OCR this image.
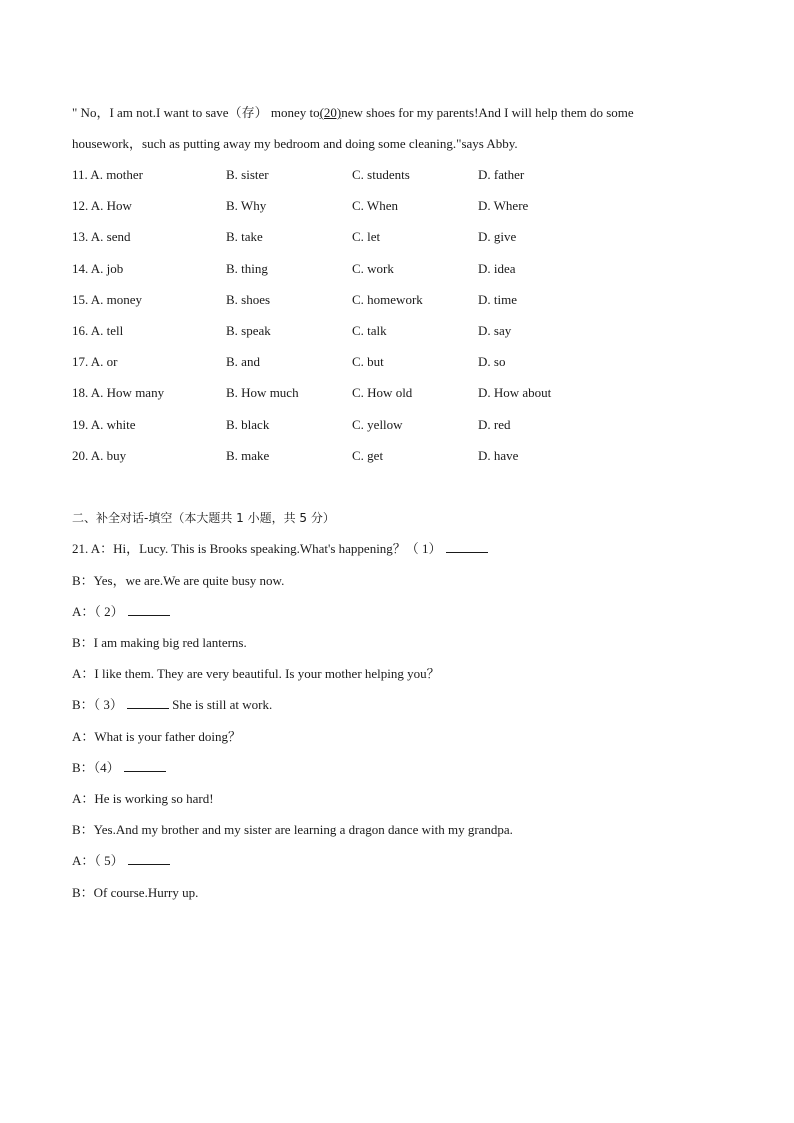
" No，I am not.I want to save（存） money to(20)new shoes for my parents!And I will help them do some
housework，such as putting away my bedroom and doing some cleaning."says Abby.
11. A. mother	B. sister	C. students	D. father
12. A. How	B. Why	C. When	D. Where
13. A. send	B. take	C. let	D. give
14. A. job	B. thing	C. work	D. idea
15. A. money	B. shoes	C. homework	D. time
16. A. tell	B. speak	C. talk	D. say
17. A. or	B. and	C. but	D. so
18. A. How many	B. How much	C. How old	D. How about
19. A. white	B. black	C. yellow	D. red
20. A. buy	B. make	C. get	D. have
二、补全对话-填空（本大题共 1 小题，共 5 分）
21. A：Hi，Lucy. This is Brooks speaking.What's happening？（ 1）
B：Yes，we are.We are quite busy now.
A：（ 2）
B：I am making big red lanterns.
A：I like them. They are very beautiful. Is your mother helping you？
B：（ 3）	She is still at work.
A：What is your father doing？
B：（4）
A：He is working so hard!
B：Yes.And my brother and my sister are learning a dragon dance with my grandpa.
A：（ 5）
B：Of course.Hurry up.
